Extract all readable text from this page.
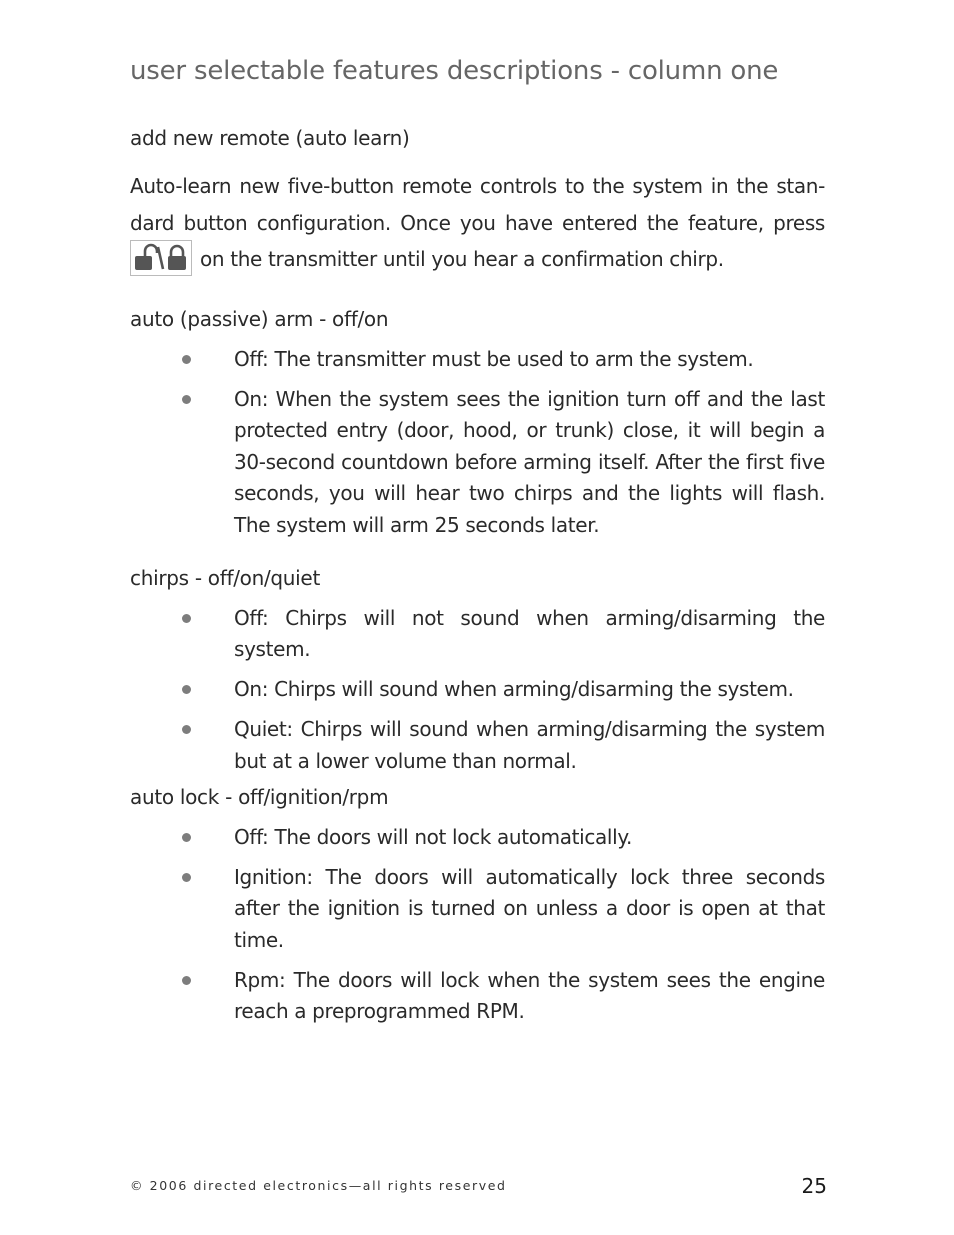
user selectable features descriptions - column one
add new remote (auto learn)
Auto-learn new five-button remote controls to the system in the stan-
dard button configuration. Once you have entered the feature, press
on the transmitter until you hear a confirmation chirp.
auto (passive) arm - off/on
Off: The transmitter must be used to arm the system.
On: When the system sees the ignition turn off and the last protected entry (door, hood, or trunk) close, it will begin a 30-second countdown before arming itself. After the first five seconds, you will hear two chirps and the lights will flash. The system will arm 25 seconds later.
chirps - off/on/quiet
Off: Chirps will not sound when arming/disarming the system.
On: Chirps will sound when arming/disarming the system.
Quiet: Chirps will sound when arming/disarming the system but at a lower volume than normal.
auto lock - off/ignition/rpm
Off: The doors will not lock automatically.
Ignition: The doors will automatically lock three seconds after the ignition is turned on unless a door is open at that time.
Rpm: The doors will lock when the system sees the engine reach a preprogrammed RPM.
© 2006 directed electronics—all rights reserved	25
